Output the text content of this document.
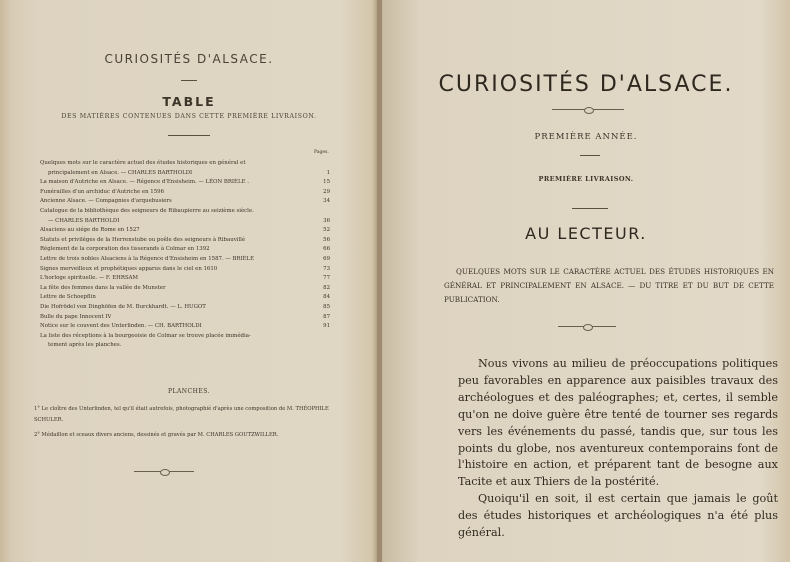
CURIOSITÉS D'ALSACE.
TABLE
DES MATIÈRES CONTENUES DANS CETTE PREMIÈRE LIVRAISON.
Pages.
Quelques mots sur le caractère actuel des études historiques en général et
principalement en Alsace. — CHARLES BARTHOLDI	1
La maison d'Autriche en Alsace. — Régence d'Ensisheim. — LÉON BRIÈLE .	15
Funérailles d'un archiduc d'Autriche en 1596	29
Ancienne Alsace. — Compagnies d'arquebusiers	34
Catalogue de la bibliothèque des seigneurs de Ribaupierre au seizième siècle.
— CHARLES BARTHOLDI	36
Alsaciens au siége de Rome en 1527	52
Statuts et priviléges de la Herrenstube ou poêle des seigneurs à Ribauvillé	56
Règlement de la corporation des tisserands à Colmar en 1392	66
Lettre de trois nobles Alsaciens à la Régence d'Ensisheim en 1587. — BRIÈLE	69
Signes merveilleux et prophétiques apparus dans le ciel en 1610	73
L'horloge spirituelle. — F. EHRSAM	77
La fête des femmes dans la vallée de Munster	82
Lettre de Schoepflin	84
Die Hofrödel von Dinghöfen de M. Burckhardt. — L. HUGOT	85
Bulle du pape Innocent IV	87
Notice sur le couvent des Unterlinden. — CH. BARTHOLDI	91
La liste des réceptions à la bourgeoisie de Colmar se trouve placée immédia-
tement après les planches.
PLANCHES.
1° Le cloître des Unterlinden, tel qu'il était autrefois, photographié d'après une composition de M. THÉOPHILE SCHULER.
2° Médaillon et sceaux divers anciens, dessinés et gravés par M. CHARLES GOUTZWILLER.
CURIOSITÉS D'ALSACE.
PREMIÈRE ANNÉE.
PREMIÈRE LIVRAISON.
AU LECTEUR.

QUELQUES MOTS SUR LE CARACTÈRE ACTUEL DES ÉTUDES HISTORIQUES EN GÉNÉRAL ET PRINCIPALEMENT EN ALSACE. — DU TITRE ET DU BUT DE CETTE PUBLICATION.

Nous vivons au milieu de préoccupations politiques peu favorables en apparence aux paisibles travaux des archéologues et des paléographes; et, certes, il semble qu'on ne doive guère être tenté de tourner ses regards vers les événements du passé, tandis que, sur tous les points du globe, nos aventureux contemporains font de l'histoire en action, et préparent tant de besogne aux Tacite et aux Thiers de la postérité.

Quoiqu'il en soit, il est certain que jamais le goût des études historiques et archéologiques n'a été plus général.
